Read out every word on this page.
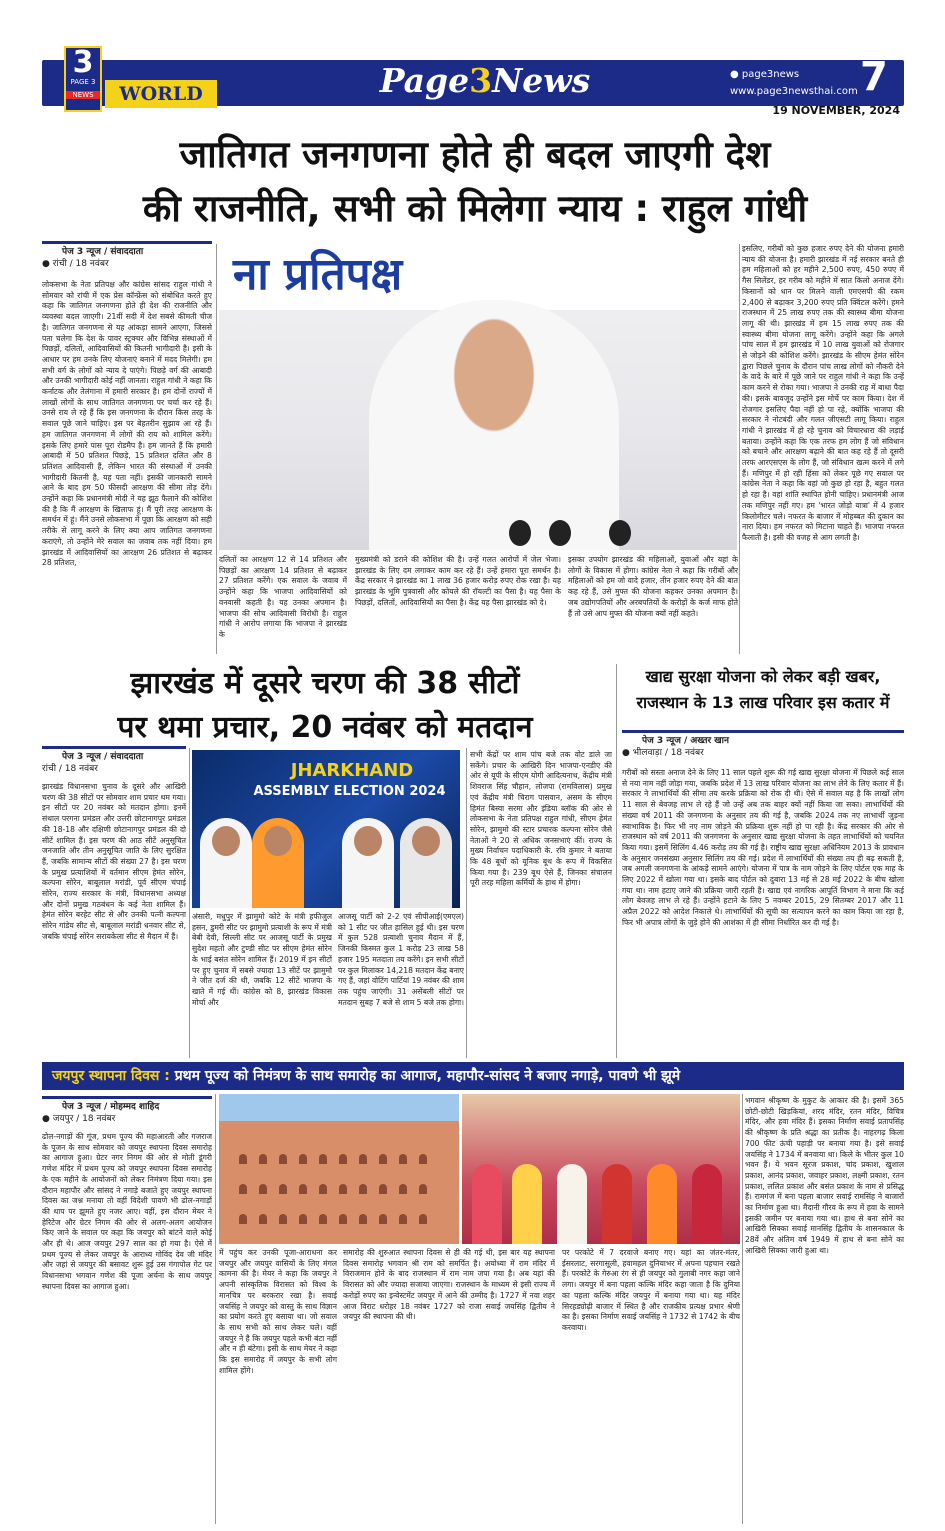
3
PAGE 3
NEWS	WORLD	Page3News	● page3news
www.page3newsthai.com 7
19 NOVEMBER, 2024
जातिगत जनगणना होते ही बदल जाएगी देश
की राजनीति, सभी को मिलेगा न्याय : राहुल गांधी
पेज 3 न्यूज / संवाददाता
● रांची / 18 नवंबर
लोकसभा के नेता प्रतिपक्ष और कांग्रेस सांसद राहुल गांधी ने सोमवार को रांची में एक प्रेस कॉन्फ्रेंस को संबोधित करते हुए कहा कि जातिगत जनगणना होते ही देश की राजनीति और व्यवस्था बदल जाएगी। 21वीं सदी में देश सबसे कीमती चीज है। जातिगत जनगणना से यह आंकड़ा सामने आएगा, जिससे पता चलेगा कि देश के पावर स्ट्रक्चर और विभिन्न संस्थाओं में पिछड़ों, दलितों, आदिवासियों की कितनी भागीदारी है। इसी के आधार पर हम उनके लिए योजनाएं बनाने में मदद मिलेगी। हम सभी वर्ग के लोगों को न्याय दे पाएंगे। पिछड़े वर्ग की आबादी और उनकी भागीदारी कोई नहीं जानता। राहुल गांधी ने कहा कि कर्नाटक और तेलंगाना में हमारी सरकार है। हम दोनों राज्यों में लाखों लोगों के साथ जातिगत जनगणना पर चर्चा कर रहे हैं। उनसे राय ले रहे हैं कि इस जनगणना के दौरान किस तरह के सवाल पूछे जाने चाहिए। इस पर बेहतरीन सुझाव आ रहे हैं। हम जातिगत जनगणना में लोगों की राय को शामिल करेंगे। इसके लिए हमारे पास पूरा रोडमैप है। हम जानते हैं कि हमारी आबादी में 50 प्रतिशत पिछड़े, 15 प्रतिशत दलित और 8 प्रतिशत आदिवासी हैं, लेकिन भारत की संस्थाओं में उनकी भागीदारी कितनी है, यह पता नहीं। इसकी जानकारी सामने आने के बाद हम 50 फीसदी आरक्षण की सीमा तोड़ देंगे। उन्होंने कहा कि प्रधानमंत्री मोदी ने यह झूठ फैलाने की कोशिश की है कि मैं आरक्षण के खिलाफ हूं। मैं पूरी तरह आरक्षण के समर्थन में हूं। मैंने उनसे लोकसभा में पूछा कि आरक्षण को सही तरीके से लागू करने के लिए क्या आप जातिगत जनगणना कराएंगे, तो उन्होंने मेरे सवाल का जवाब तक नहीं दिया। हम झारखंड में आदिवासियों का आरक्षण 26 प्रतिशत से बढ़ाकर 28 प्रतिशत,
ना प्रतिपक्ष
दलितों का आरक्षण 12 से 14 प्रतिशत और पिछड़ों का आरक्षण 14 प्रतिशत से बढ़ाकर 27 प्रतिशत करेंगे। एक सवाल के जवाब में उन्होंने कहा कि भाजपा आदिवासियों को वनवासी कहती है। यह उनका अपमान है। भाजपा की सोच आदिवासी विरोधी है। राहुल गांधी ने आरोप लगाया कि भाजपा ने झारखंड के
मुख्यमंत्री को डराने की कोशिश की है। उन्हें गलत आरोपों में जेल भेजा। झारखंड के लिए दम लगाकर काम कर रहे हैं। उन्हें हमारा पूरा समर्थन है। केंद्र सरकार ने झारखंड का 1 लाख 36 हजार करोड़ रुपए रोक रखा है। यह झारखंड के भूमि पुत्रवासी और कोयले की रॉयल्टी का पैसा है। यह पैसा के पिछड़ों, दलितों, आदिवासियों का पैसा है। केंद्र यह पैसा झारखंड को दे।
इसका उपयोग झारखंड की महिलाओं, युवाओं और यहां के लोगों के विकास में होगा। कांग्रेस नेता ने कहा कि गरीबों और महिलाओं को हम जो वादे हजार, तीन हजार रुपए देने की बात कह रहे हैं, उसे मुफ्त की योजना कहकर उनका अपमान है। जब उद्योगपतियों और अरबपतियों के करोड़ों के कर्ज माफ होते हैं तो उसे आप मुफ्त की योजना क्यों नहीं कहते।
इसलिए, गरीबों को कुछ हजार रुपए देने की योजना हमारी न्याय की योजना है। हमारी झारखंड में नई सरकार बनते ही हम महिलाओं को हर महीने 2,500 रुपए, 450 रुपए में गैस सिलेंडर, हर गरीब को महीने में सात किलो अनाज देंगे। किसानों को धान पर मिलने वाली एमएसपी की रकम 2,400 से बढ़ाकर 3,200 रुपए प्रति क्विंटल करेंगे। हमने राजस्थान में 25 लाख रुपए तक की स्वास्थ्य बीमा योजना लागू की थी। झारखंड में हम 15 लाख रुपए तक की स्वास्थ्य बीमा योजना लागू करेंगे। उन्होंने कहा कि अगले पांच साल में हम झारखंड में 10 लाख युवाओं को रोजगार से जोड़ने की कोशिश करेंगे। झारखंड के सीएम हेमंत सोरेन द्वारा पिछले चुनाव के दौरान पांच लाख लोगों को नौकरी देने के वादे के बारे में पूछे जाने पर राहुल गांधी ने कहा कि उन्हें काम करने से रोका गया। भाजपा ने उनकी राह में बाधा पैदा की। इसके बावजूद उन्होंने इस मोर्चे पर काम किया। देश में रोजगार इसलिए पैदा नहीं हो पा रहे, क्योंकि भाजपा की सरकार ने नोटबंदी और गलत जीएसटी लागू किया। राहुल गांधी ने झारखंड में हो रहे चुनाव को विचारधारा की लड़ाई बताया। उन्होंने कहा कि एक तरफ हम लोग हैं जो संविधान को बचाने और आरक्षण बढ़ाने की बात कह रहे हैं तो दूसरी तरफ आरएसएस के लोग हैं, जो संविधान खत्म करने में लगे हैं। मणिपुर में हो रही हिंसा को लेकर पूछे गए सवाल पर कांग्रेस नेता ने कहा कि वहां जो कुछ हो रहा है, बहुत गलत हो रहा है। वहां शांति स्थापित होनी चाहिए। प्रधानमंत्री आज तक मणिपुर नहीं गए। हम 'भारत जोड़ो यात्रा' में 4 हजार किलोमीटर चले। नफरत के बाजार में मोहब्बत की दुकान का नारा दिया। हम नफरत को मिटाना चाहते हैं। भाजपा नफरत फैलाती है। इसी की वजह से आग लगती है।
झारखंड में दूसरे चरण की 38 सीटों
पर थमा प्रचार, 20 नवंबर को मतदान
पेज 3 न्यूज / संवाददाता
रांची / 18 नवंबर
झारखंड विधानसभा चुनाव के दूसरे और आखिरी चरण की 38 सीटों पर सोमवार शाम प्रचार थम गया। इन सीटों पर 20 नवंबर को मतदान होगा। इनमें संथाल परगना प्रमंडल और उत्तरी छोटानागपुर प्रमंडल की 18-18 और दक्षिणी छोटानागपुर प्रमंडल की दो सीटें शामिल हैं। इस चरण की आठ सीटें अनुसूचित जनजाति और तीन अनुसूचित जाति के लिए सुरक्षित हैं, जबकि सामान्य सीटों की संख्या 27 है। इस चरण के प्रमुख प्रत्याशियों में वर्तमान सीएम हेमंत सोरेन, कल्पना सोरेन, बाबूलाल मरांडी, पूर्व सीएम चंपाई सोरेन, राज्य सरकार के मंत्री, विधानसभा अध्यक्ष और दोनों प्रमुख गठबंधन के कई नेता शामिल हैं। हेमंत सोरेन बरहेट सीट से और उनकी पत्नी कल्पना सोरेन गांडेय सीट से, बाबूलाल मरांडी धनवार सीट से, जबकि चंपाई सोरेन सरायकेला सीट से मैदान में हैं।
JHARKHAND
ASSEMBLY ELECTION 2024
अंसारी, मधुपुर में झामुमो कोटे के मंत्री हफीजुल हसन, डुमरी सीट पर झामुमो प्रत्याशी के रूप में मंत्री बेबी देवी, सिल्ली सीट पर आजसू पार्टी के प्रमुख सुदेश महतो और टुण्डी सीट पर सीएम हेमंत सोरेन के भाई बसंत सोरेन शामिल हैं। 2019 में इन सीटों पर हुए चुनाव में सबसे ज्यादा 13 सीटें पर झामुमो ने जीत दर्ज की थी, जबकि 12 सीटें भाजपा के खाते में गई थीं। कांग्रेस को 8, झारखंड विकास मोर्चा और
आजसू पार्टी को 2-2 एवं सीपीआई(एमएल) को 1 सीट पर जीत हासिल हुई थी। इस चरण में कुल 528 प्रत्याशी चुनाव मैदान में हैं, जिनकी किस्मत कुल 1 करोड़ 23 लाख 58 हजार 195 मतदाता तय करेंगे। इन सभी सीटों पर कुल मिलाकर 14,218 मतदान केंद्र बनाए गए हैं, जहां वोटिंग पार्टियां 19 नवंबर की शाम तक पहुंच जाएंगी। 31 असेंबली सीटों पर मतदान सुबह 7 बजे से शाम 5 बजे तक होगा।
सभी केंद्रों पर शाम पांच बजे तक वोट डाले जा सकेंगे। प्रचार के आखिरी दिन भाजपा-एनडीए की ओर से यूपी के सीएम योगी आदित्यनाथ, केंद्रीय मंत्री शिवराज सिंह चौहान, लोजपा (रामविलास) प्रमुख एवं केंद्रीय मंत्री चिराग पासवान, असम के सीएम हिमंत बिस्वा सरमा और इंडिया ब्लॉक की ओर से लोकसभा के नेता प्रतिपक्ष राहुल गांधी, सीएम हेमंत सोरेन, झामुमो की स्टार प्रचारक कल्पना सोरेन जैसे नेताओं ने 20 से अधिक जनसभाएं कीं। राज्य के मुख्य निर्वाचन पदाधिकारी के. रवि कुमार ने बताया कि 48 बूथों को यूनिक बूथ के रूप में विकसित किया गया है। 239 बूथ ऐसे हैं, जिनका संचालन पूरी तरह महिला कर्मियों के हाथ में होगा।
खाद्य सुरक्षा योजना को लेकर बड़ी खबर,
राजस्थान के 13 लाख परिवार इस कतार में
पेज 3 न्यूज / अख्तर खान
● भीलवाड़ा / 18 नवंबर
गरीबों को सस्ता अनाज देने के लिए 11 साल पहले शुरू की गई खाद्य सुरक्षा योजना में पिछले कई साल से नया नाम नहीं जोड़ा गया, जबकि प्रदेश में 13 लाख परिवार योजना का लाभ लेने के लिए कतार में हैं। सरकार ने लाभार्थियों की सीमा तय करके प्रक्रिया को रोक दी थी। ऐसे में सवाल यह है कि लाखों लोग 11 साल से बेवजह लाभ ले रहे हैं जो उन्हें अब तक बाहर क्यों नहीं किया जा सका। लाभार्थियों की संख्या वर्ष 2011 की जनगणना के अनुसार तय की गई है, जबकि 2024 तक नए लाभार्थी जुड़ना स्वाभाविक है। फिर भी नए नाम जोड़ने की प्रक्रिया शुरू नहीं हो पा रही है। केंद्र सरकार की ओर से राजस्थान को वर्ष 2011 की जनगणना के अनुसार खाद्य सुरक्षा योजना के तहत लाभार्थियों को चयनित किया गया। इसमें सिलिंग 4.46 करोड़ तय की गई है। राष्ट्रीय खाद्य सुरक्षा अधिनियम 2013 के प्रावधान के अनुसार जनसंख्या अनुसार सिलिंग तय की गई। प्रदेश में लाभार्थियों की संख्या तय ही बढ़ सकती है, जब अगली जनगणना के आंकड़े सामने आएंगे। योजना में पात्र के नाम जोड़ने के लिए पोर्टल एक माह के लिए 2022 में खोला गया था। इसके बाद पोर्टल को दुबारा 13 मई से 28 मई 2022 के बीच खोला गया था। नाम हटाए जाने की प्रक्रिया जारी रहती है। खाद्य एवं नागरिक आपूर्ति विभाग ने माना कि कई लोग बेवजह लाभ ले रहे हैं। उन्होंने हटाने के लिए 5 नवम्बर 2015, 29 सितम्बर 2017 और 11 अप्रैल 2022 को आदेश निकाले थे। लाभार्थियों की सूची का सत्यापन करने का काम किया जा रहा है, फिर भी अपात्र लोगों के जुड़े होने की आशंका में ही सीमा निर्धारित कर दी गई है।
जयपुर स्थापना दिवस : प्रथम पूज्य को निमंत्रण के साथ समारोह का आगाज, महापौर-सांसद ने बजाए नगाड़े, पावणे भी झूमे
पेज 3 न्यूज / मोहम्मद शाहिद
● जयपुर / 18 नवंबर
ढोल-नगाड़ों की गूंज, प्रथम पूज्य की महाआरती और गजराज के पूजन के साथ सोमवार को जयपुर स्थापना दिवस समारोह का आगाज हुआ। ग्रेटर नगर निगम की ओर से मोती डूंगरी गणेश मंदिर में प्रथम पूज्य को जयपुर स्थापना दिवस समारोह के एक महीने के आयोजनों को लेकर निमंत्रण दिया गया। इस दौरान महापौर और सांसद ने नगाड़े बजाते हुए जयपुर स्थापना दिवस का जश्न मनाया तो वहीं विदेशी पावणे भी ढोल-नगाड़ों की थाप पर झूमते हुए नजर आए। वहीं, इस दौरान मेयर ने हेरिटेज और ग्रेटर निगम की ओर से अलग-अलग आयोजन किए जाने के सवाल पर कहा कि जयपुर को बांटने वाले कोई और ही थे। आज जयपुर 297 साल का हो गया है। ऐसे में प्रथम पूज्य से लेकर जयपुर के आराध्य गोविंद देव जी मंदिर और जहां से जयपुर की बसावट शुरू हुई उस गंगापोल गेट पर विधानसभा भगवान गणेश की पूजा अर्चना के साथ जयपुर स्थापना दिवस का आगाज हुआ।
में पहुंच कर उनकी पूजा-आराधना कर जयपुर और जयपुर वासियों के लिए मंगल कामना की है। मेयर ने कहा कि जयपुर ने अपनी सांस्कृतिक विरासत को विश्व के मानचित्र पर बरकरार रखा है। सवाई जयसिंह ने जयपुर को वास्तु के साथ विज्ञान का प्रयोग करते हुए बसाया था। जो सवाल के साथ सभी को साथ लेकर चले। वहीं जयपुर ने है कि जयपुर पहले कभी बंटा नहीं और न ही बंटेगा। इसी के साथ मेयर ने कहा कि इस समारोह में जयपुर के सभी लोग शामिल होंगे।
समारोह की शुरुआत स्थापना दिवस से ही की गई थी, इस बार यह स्थापना दिवस समारोह भगवान श्री राम को समर्पित है। अयोध्या में राम मंदिर में विराजमान होने के बाद राजस्थान में राम नाम जपा गया है। अब यहां की विरासत को और ज्यादा सजाया जाएगा। राजस्थान के माध्यम से इसी राज्य में करोड़ों रुपए का इन्वेस्टमेंट जयपुर में आने की उम्मीद है। 1727 में नवा शहर आज विराट धरोहर 18 नवंबर 1727 को राजा सवाई जयसिंह द्वितीय ने जयपुर की स्थापना की थी।
पर परकोटे में 7 दरवाजे बनाए गए। यहां का जंतर-मंतर, ईसरलाट, सरगासूली, हवामहल दुनियाभर में अपना पहचान रखते हैं। परकोटे के गेरुआ रंग से ही जयपुर को गुलाबी नगर कहा जाने लगा। जयपुर में बना पहला कल्कि मंदिर कहा जाता है कि दुनिया का पहला कल्कि मंदिर जयपुर में बनाया गया था। यह मंदिर सिरहड्योढ़ी बाजार में स्थित है और राजकीय प्रत्यक्ष प्रभार श्रेणी का है। इसका निर्माण सवाई जयसिंह ने 1732 से 1742 के बीच करवाया।
भगवान श्रीकृष्ण के मुकुट के आकार की है। इसमें 365 छोटी-छोटी खिड़कियां, शरद मंदिर, रतन मंदिर, विचित्र मंदिर, और हवा मंदिर हैं। इसका निर्माण सवाई प्रतापसिंह की श्रीकृष्ण के प्रति श्रद्धा का प्रतीक है। नाहरगढ़ किला 700 फीट ऊंची पहाड़ी पर बनाया गया है। इसे सवाई जयसिंह ने 1734 में बनवाया था। किले के भीतर कुल 10 भवन हैं। ये भवन सूरज प्रकाश, चांद प्रकाश, खुशाल प्रकाश, आनंद प्रकाश, जवाहर प्रकाश, लक्ष्मी प्रकाश, रतन प्रकाश, ललित प्रकाश और बसंत प्रकाश के नाम से प्रसिद्ध हैं। रामगंज में बना पहला बाजार सवाई रामसिंह ने बाजारों का निर्माण हुआ था। मैदानी गौरव के रूप में हवा के सामने इसकी जमीन पर बनाया गया था। हाथ से बना सोने का आखिरी सिक्का सवाई मानसिंह द्वितीय के शासनकाल के 28वें और अंतिम वर्ष 1949 में हाथ से बना सोने का आखिरी सिक्का जारी हुआ था।
